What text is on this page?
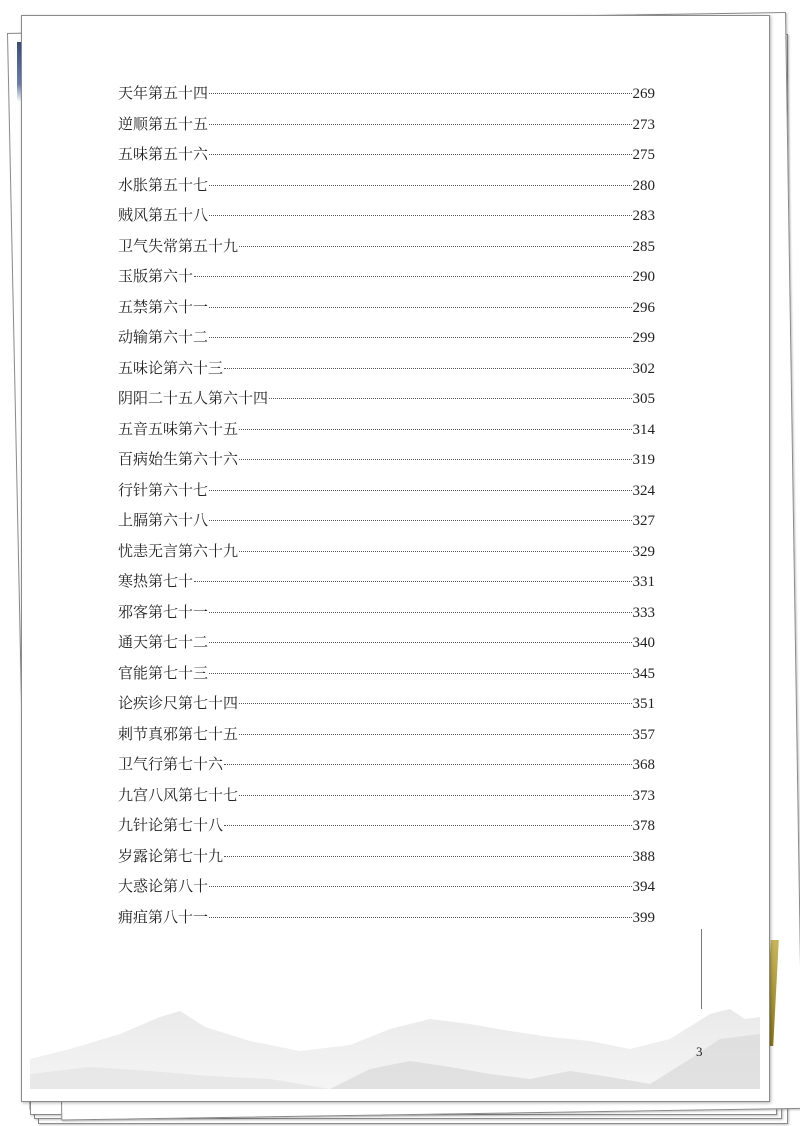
天年第五十四	269
逆顺第五十五	273
五味第五十六	275
水胀第五十七	280
贼风第五十八	283
卫气失常第五十九	285
玉版第六十	290
五禁第六十一	296
动输第六十二	299
五味论第六十三	302
阴阳二十五人第六十四	305
五音五味第六十五	314
百病始生第六十六	319
行针第六十七	324
上膈第六十八	327
忧恚无言第六十九	329
寒热第七十	331
邪客第七十一	333
通天第七十二	340
官能第七十三	345
论疾诊尺第七十四	351
刺节真邪第七十五	357
卫气行第七十六	368
九宫八风第七十七	373
九针论第七十八	378
岁露论第七十九	388
大惑论第八十	394
痈疽第八十一	399
3
